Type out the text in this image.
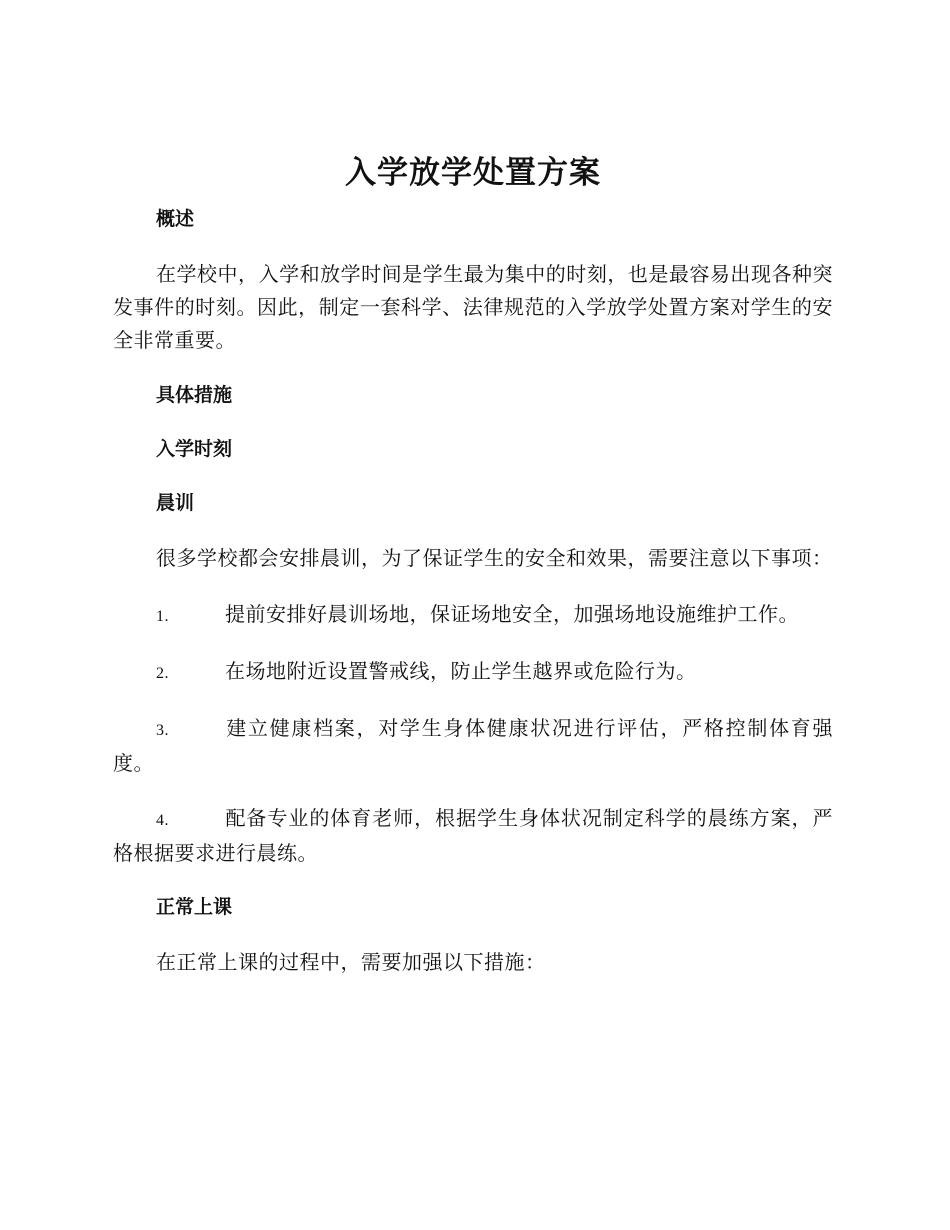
入学放学处置方案
概述
在学校中，入学和放学时间是学生最为集中的时刻，也是最容易出现各种突发事件的时刻。因此，制定一套科学、法律规范的入学放学处置方案对学生的安全非常重要。
具体措施
入学时刻
晨训
很多学校都会安排晨训，为了保证学生的安全和效果，需要注意以下事项：
1.	提前安排好晨训场地，保证场地安全，加强场地设施维护工作。
2.	在场地附近设置警戒线，防止学生越界或危险行为。
3.	建立健康档案，对学生身体健康状况进行评估，严格控制体育强度。
4.	配备专业的体育老师，根据学生身体状况制定科学的晨练方案，严格根据要求进行晨练。
正常上课
在正常上课的过程中，需要加强以下措施：
